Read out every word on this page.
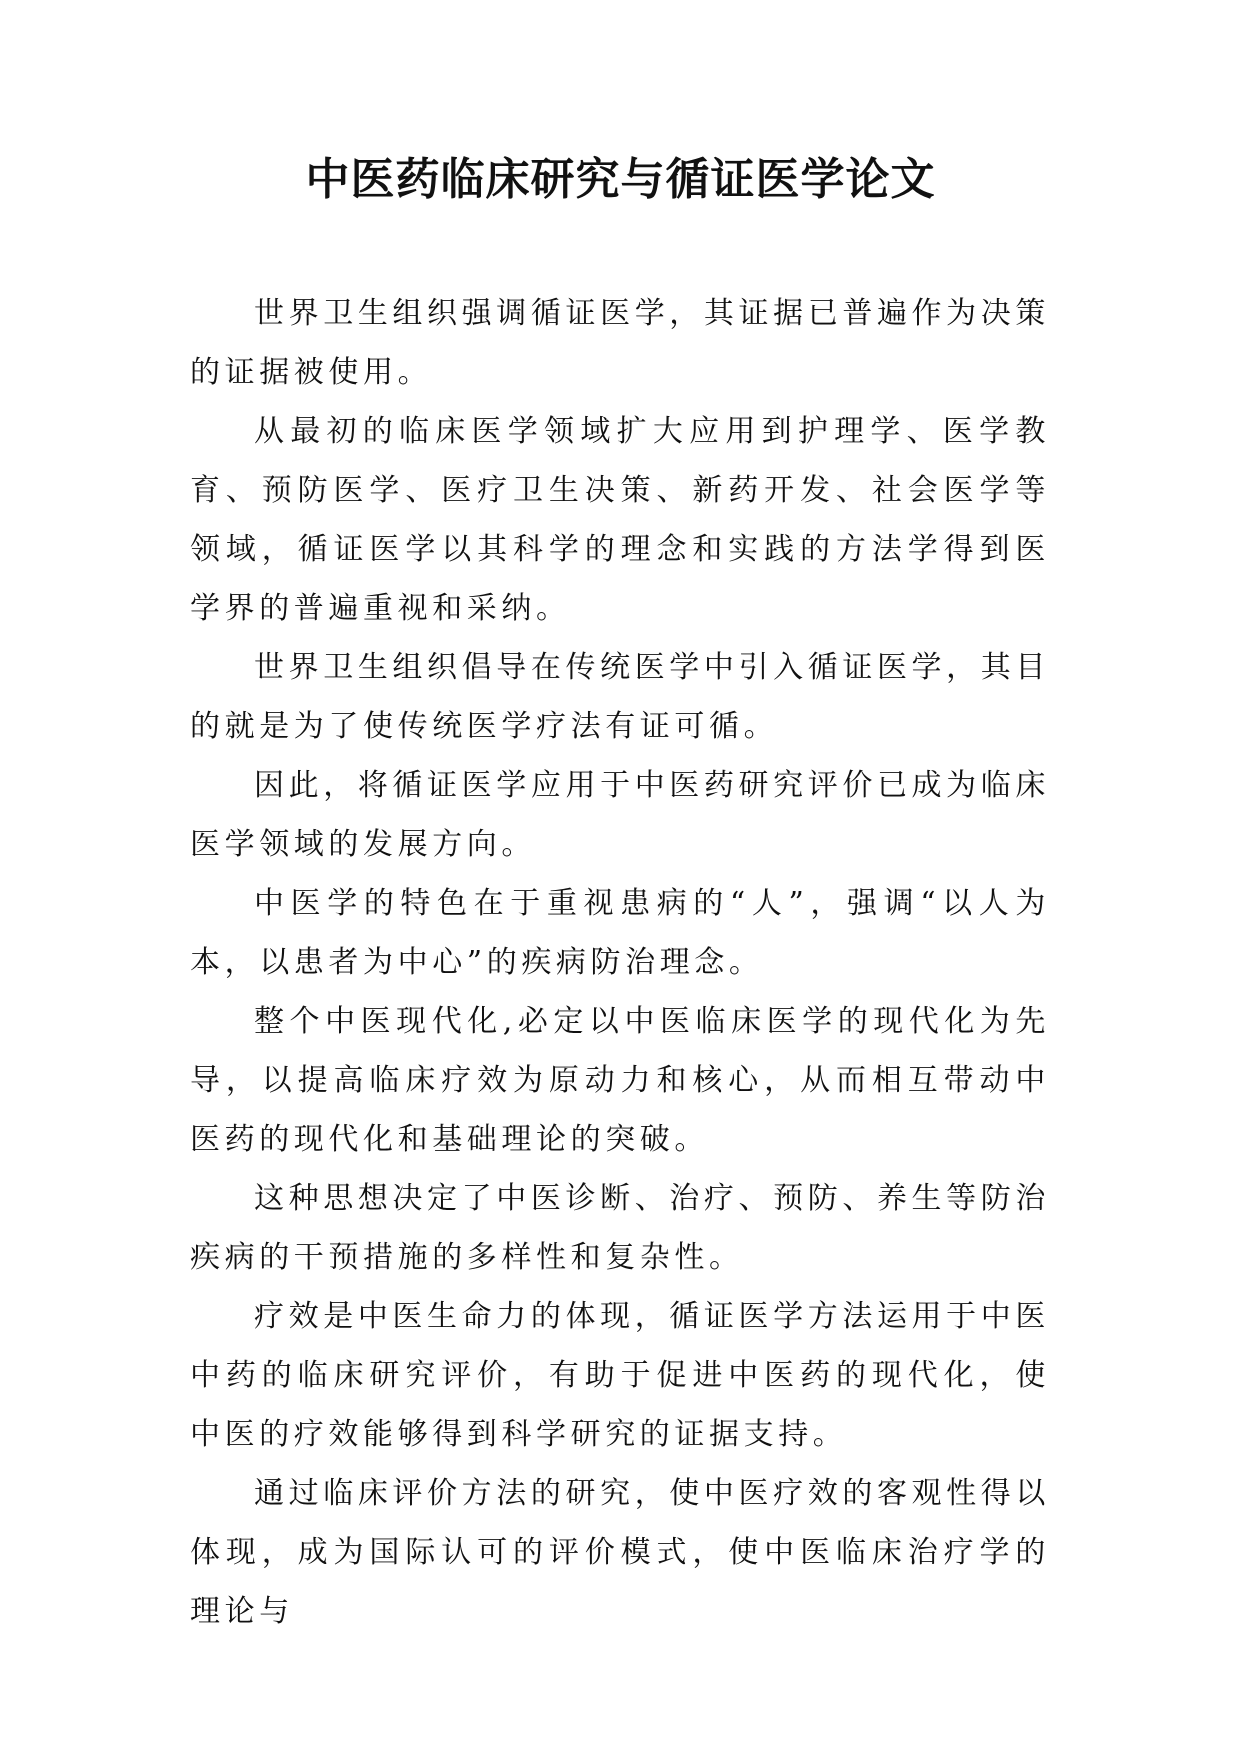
中医药临床研究与循证医学论文

世界卫生组织强调循证医学，其证据已普遍作为决策的证据被使用。

从最初的临床医学领域扩大应用到护理学、医学教育、预防医学、医疗卫生决策、新药开发、社会医学等领域，循证医学以其科学的理念和实践的方法学得到医学界的普遍重视和采纳。

世界卫生组织倡导在传统医学中引入循证医学，其目的就是为了使传统医学疗法有证可循。

因此，将循证医学应用于中医药研究评价已成为临床医学领域的发展方向。

中医学的特色在于重视患病的“人”，强调“以人为本，以患者为中心”的疾病防治理念。

整个中医现代化,必定以中医临床医学的现代化为先导，以提高临床疗效为原动力和核心，从而相互带动中医药的现代化和基础理论的突破。

这种思想决定了中医诊断、治疗、预防、养生等防治疾病的干预措施的多样性和复杂性。

疗效是中医生命力的体现，循证医学方法运用于中医中药的临床研究评价，有助于促进中医药的现代化，使中医的疗效能够得到科学研究的证据支持。

通过临床评价方法的研究，使中医疗效的客观性得以体现，成为国际认可的评价模式，使中医临床治疗学的理论与
